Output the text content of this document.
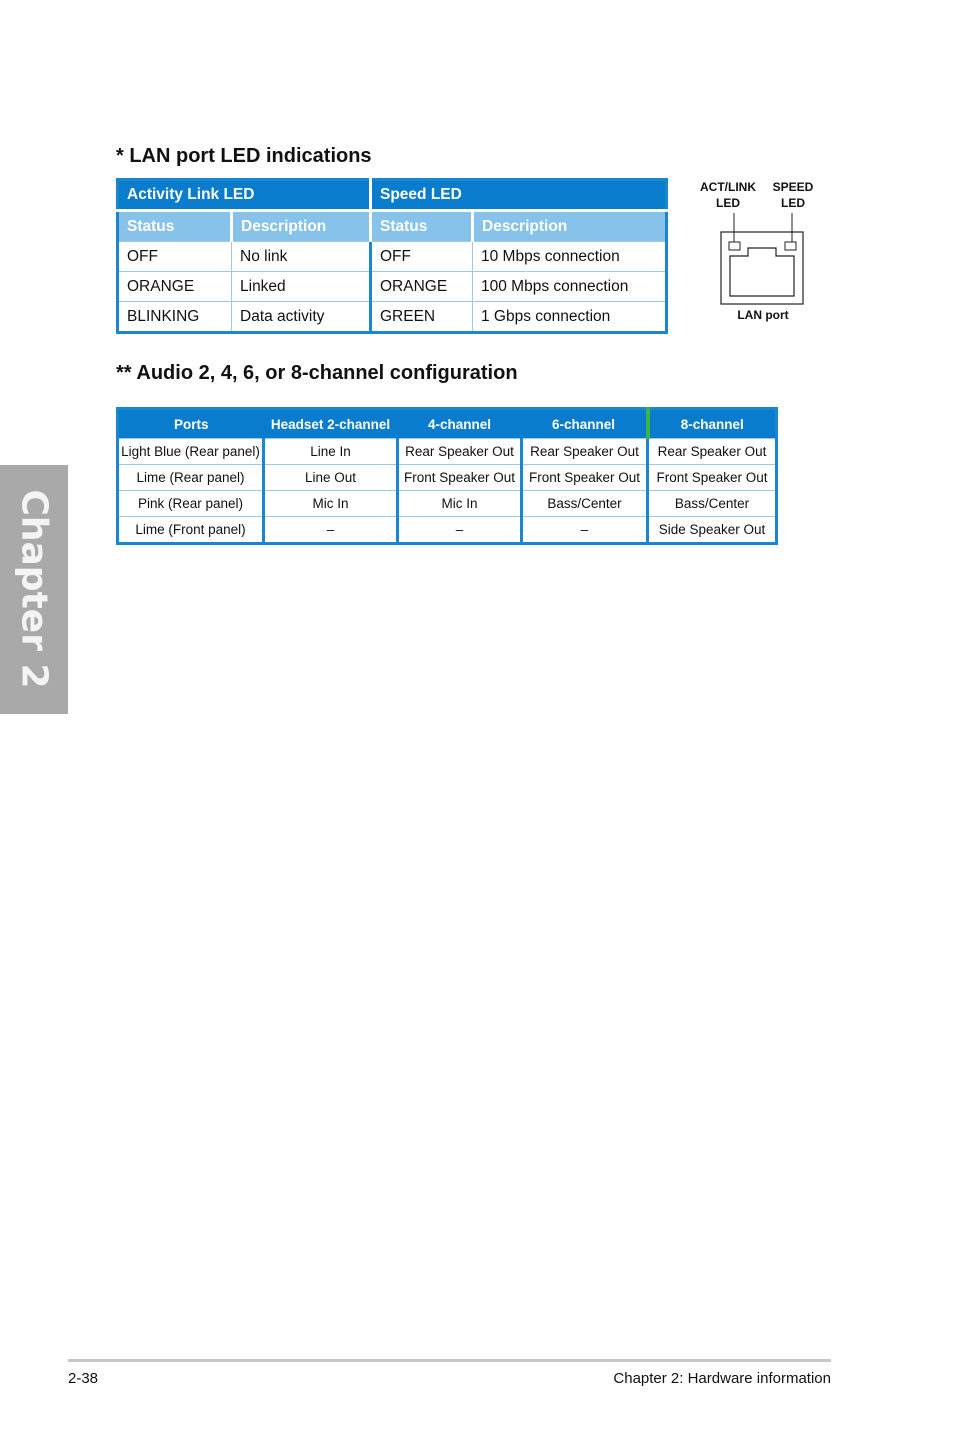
Chapter 2
* LAN port LED indications
Activity Link LED		Speed LED	
Status	Description	Status	Description
OFF	No link	OFF	10 Mbps connection
ORANGE	Linked	ORANGE	100 Mbps connection
BLINKING	Data activity	GREEN	1 Gbps connection
ACT/LINK
LED
SPEED
LED
LAN port
** Audio 2, 4, 6, or 8-channel configuration
Ports	Headset 2-channel	4-channel	6-channel	8-channel
Light Blue (Rear panel)	Line In	Rear Speaker Out	Rear Speaker Out	Rear Speaker Out
Lime (Rear panel)	Line Out	Front Speaker Out	Front Speaker Out	Front Speaker Out
Pink (Rear panel)	Mic In	Mic In	Bass/Center	Bass/Center
Lime (Front panel)	–	–	–	Side Speaker Out
2-38	Chapter 2: Hardware information
